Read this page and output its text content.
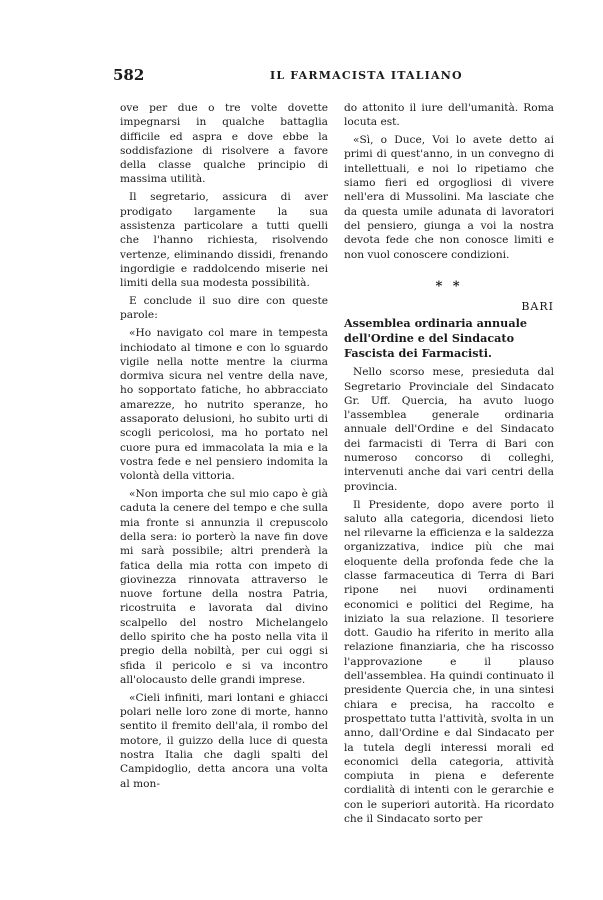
582	IL FARMACISTA ITALIANO

ove per due o tre volte dovette impegnarsi in qualche battaglia difficile ed aspra e dove ebbe la soddisfazione di risolvere a favore della classe qualche principio di massima utilità.

Il segretario, assicura di aver prodigato largamente la sua assistenza particolare a tutti quelli che l'hanno richiesta, risolvendo vertenze, eliminando dissidi, frenando ingordigie e raddolcendo miserie nei limiti della sua modesta possibilità.

E conclude il suo dire con queste parole:

«Ho navigato col mare in tempesta inchiodato al timone e con lo sguardo vigile nella notte mentre la ciurma dormiva sicura nel ventre della nave, ho sopportato fatiche, ho abbracciato amarezze, ho nutrito speranze, ho assaporato delusioni, ho subito urti di scogli pericolosi, ma ho portato nel cuore pura ed immacolata la mia e la vostra fede e nel pensiero indomita la volontà della vittoria.

«Non importa che sul mio capo è già caduta la cenere del tempo e che sulla mia fronte si annunzia il crepuscolo della sera: io porterò la nave fin dove mi sarà possibile; altri prenderà la fatica della mia rotta con impeto di giovinezza rinnovata attraverso le nuove fortune della nostra Patria, ricostruita e lavorata dal divino scalpello del nostro Michelangelo dello spirito che ha posto nella vita il pregio della nobiltà, per cui oggi si sfida il pericolo e si va incontro all'olocausto delle grandi imprese.

«Cieli infiniti, mari lontani e ghiacci polari nelle loro zone di morte, hanno sentito il fremito dell'ala, il rombo del motore, il guizzo della luce di questa nostra Italia che dagli spalti del Campidoglio, detta ancora una volta al mon-

do attonito il iure dell'umanità. Roma locuta est.

«Sì, o Duce, Voi lo avete detto ai primi di quest'anno, in un convegno di intellettuali, e noi lo ripetiamo che siamo fieri ed orgogliosi di vivere nell'era di Mussolini. Ma lasciate che da questa umile adunata di lavoratori del pensiero, giunga a voi la nostra devota fede che non conosce limiti e non vuol conoscere condizioni.

* *

BARI

Assemblea ordinaria annuale dell'Ordine e del Sindacato Fascista dei Farmacisti.

Nello scorso mese, presieduta dal Segretario Provinciale del Sindacato Gr. Uff. Quercia, ha avuto luogo l'assemblea generale ordinaria annuale dell'Ordine e del Sindacato dei farmacisti di Terra di Bari con numeroso concorso di colleghi, intervenuti anche dai vari centri della provincia.

Il Presidente, dopo avere porto il saluto alla categoria, dicendosi lieto nel rilevarne la efficienza e la saldezza organizzativa, indice più che mai eloquente della profonda fede che la classe farmaceutica di Terra di Bari ripone nei nuovi ordinamenti economici e politici del Regime, ha iniziato la sua relazione. Il tesoriere dott. Gaudio ha riferito in merito alla relazione finanziaria, che ha riscosso l'approvazione e il plauso dell'assemblea. Ha quindi continuato il presidente Quercia che, in una sintesi chiara e precisa, ha raccolto e prospettato tutta l'attività, svolta in un anno, dall'Ordine e dal Sindacato per la tutela degli interessi morali ed economici della categoria, attività compiuta in piena e deferente cordialità di intenti con le gerarchie e con le superiori autorità. Ha ricordato che il Sindacato sorto per
